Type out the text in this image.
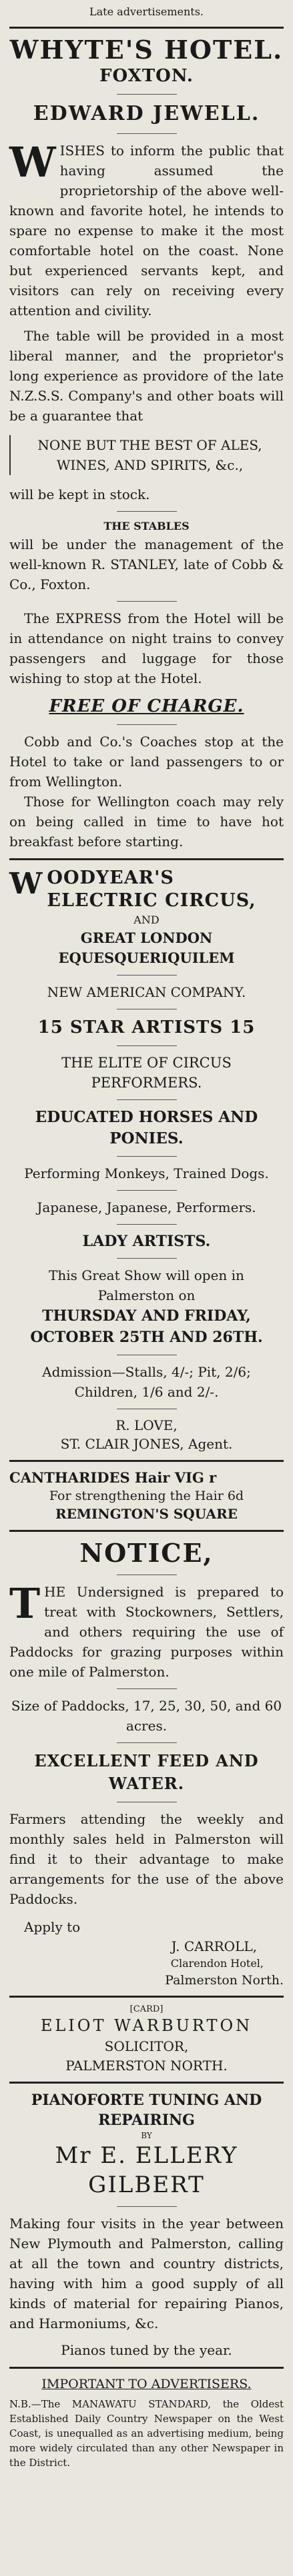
Late advertisements.
WHYTE'S HOTEL.
FOXTON.
EDWARD JEWELL.

WISHES to inform the public that having assumed the proprietorship of the above well-known and favorite hotel, he intends to spare no expense to make it the most comfortable hotel on the coast. None but experienced servants kept, and visitors can rely on receiving every attention and civility.

The table will be provided in a most liberal manner, and the proprietor's long experience as providore of the late N.Z.S.S. Company's and other boats will be a guarantee that

NONE BUT THE BEST OF ALES, WINES, AND SPIRITS, &c.,

will be kept in stock.

THE STABLES

will be under the management of the well-known R. STANLEY, late of Cobb & Co., Foxton.

The EXPRESS from the Hotel will be in attendance on night trains to convey passengers and luggage for those wishing to stop at the Hotel.

FREE OF CHARGE.

Cobb and Co.'s Coaches stop at the Hotel to take or land passengers to or from Wellington.

Those for Wellington coach may rely on being called in time to have hot breakfast before starting.

WOODYEAR'S ELECTRIC CIRCUS,
AND
GREAT LONDON EQUESQUERIQUILEM
NEW AMERICAN COMPANY.
15 STAR ARTISTS 15
THE ELITE OF CIRCUS PERFORMERS.
EDUCATED HORSES AND PONIES.
Performing Monkeys, Trained Dogs.
Japanese, Japanese, Performers.
LADY ARTISTS.

This Great Show will open in Palmerston on

THURSDAY AND FRIDAY, OCTOBER 25TH AND 26TH.

Admission—Stalls, 4/-; Pit, 2/6; Children, 1/6 and 2/-.

R. LOVE,
ST. CLAIR JONES, Agent.
CANTHARIDES Hair VIG r
For strengthening the Hair 6d
REMINGTON'S SQUARE
NOTICE,

THE Undersigned is prepared to treat with Stockowners, Settlers, and others requiring the use of Paddocks for grazing purposes within one mile of Palmerston.

Size of Paddocks, 17, 25, 30, 50, and 60 acres.

EXCELLENT FEED AND WATER.

Farmers attending the weekly and monthly sales held in Palmerston will find it to their advantage to make arrangements for the use of the above Paddocks.

Apply to

J. CARROLL,
Clarendon Hotel,
Palmerston North.
[CARD]
ELIOT WARBURTON
SOLICITOR,
PALMERSTON NORTH.
PIANOFORTE TUNING AND
REPAIRING
BY
Mr E. ELLERY GILBERT

Making four visits in the year between New Plymouth and Palmerston, calling at all the town and country districts, having with him a good supply of all kinds of material for repairing Pianos, and Harmoniums, &c.

Pianos tuned by the year.

IMPORTANT TO ADVERTISERS.

N.B.—The MANAWATU STANDARD, the Oldest Established Daily Country Newspaper on the West Coast, is unequalled as an advertising medium, being more widely circulated than any other Newspaper in the District.
